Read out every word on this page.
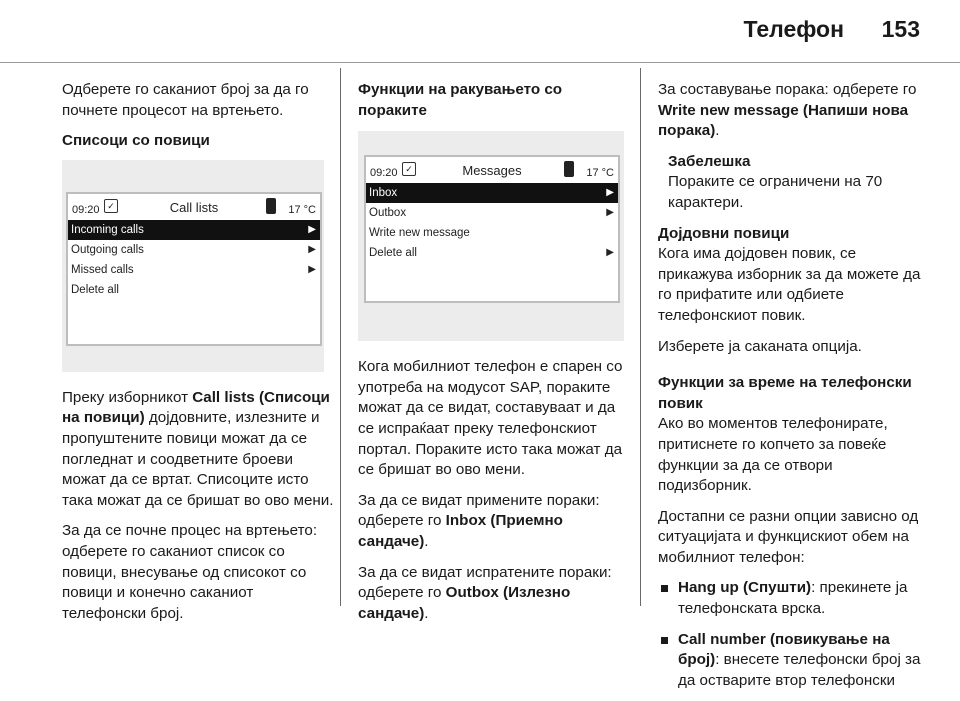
Телефон 153

Одберете го саканиот број за да го почнете процесот на вртењето.

Списоци со повици
09:20 ✓	Call lists	17 °C
Incoming calls	▶
Outgoing calls	▶
Missed calls	▶
Delete all

Преку изборникот Call lists (Списоци на повици) дојдовните, излезните и пропуштените повици можат да се погледнат и соодветните броеви можат да се вртат. Списоците исто така можат да се бришат во ово мени.

За да се почне процес на вртењето: одберете го саканиот список со повици, внесување од списокот со повици и конечно саканиот телефонски број.

Функции на ракувањето со пораките
09:20 ✓	Messages	17 °C
Inbox	▶
Outbox	▶
Write new message
Delete all	▶

Кога мобилниот телефон е спарен со употреба на модусот SAP, пораките можат да се видат, составуваат и да се испраќаат преку телефонскиот портал. Пораките исто така можат да се бришат во ово мени.

За да се видат примените пораки: одберете го Inbox (Приемно сандаче).

За да се видат испратените пораки: одберете го Outbox (Излезно сандаче).

За составување порака: одберете го Write new message (Напиши нова порака).

Забелешка

Пораките се ограничени на 70 карактери.

Дојдовни повици

Кога има дојдовен повик, се прикажува изборник за да можете да го прифатите или одбиете телефонскиот повик.

Изберете ја саканата опција.

Функции за време на телефонски повик

Ако во моментов телефонирате, притиснете го копчето за повеќе функции за да се отвори подизборник.

Достапни се разни опции зависно од ситуацијата и функцискиот обем на мобилниот телефон:

Hang up (Спушти): прекинете ја телефонската врска.
Call number (повикување на број): внесете телефонски број за да остварите втор телефонски
